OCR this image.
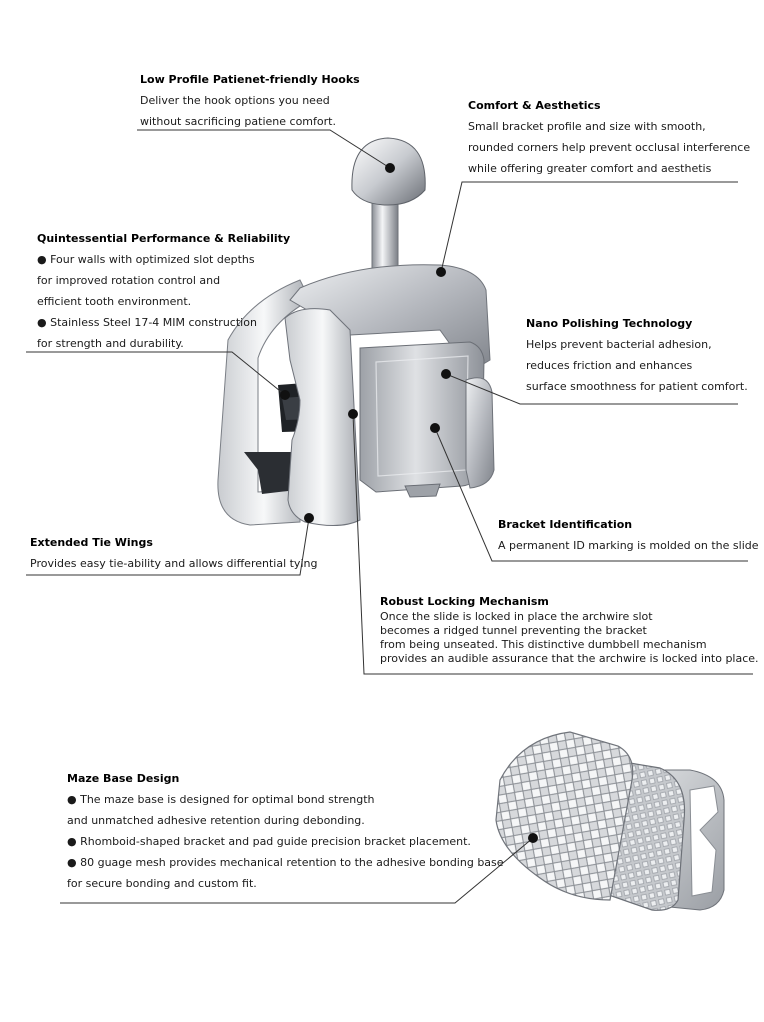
Low Profile Patienet-friendly Hooks
Deliver the hook options you need
without sacrificing patiene comfort.
Comfort & Aesthetics
Small bracket profile and size with smooth,
rounded corners help prevent occlusal interference
while offering greater comfort and aesthetis
Quintessential Performance & Reliability
● Four walls with optimized slot depths
for improved rotation control and
efficient tooth environment.
● Stainless Steel 17-4 MIM construction
for strength and durability.
Nano Polishing Technology
Helps prevent bacterial adhesion,
reduces friction and enhances
surface smoothness for patient comfort.
Bracket Identification
A permanent ID marking is molded on the slide
Extended Tie Wings
Provides easy tie-ability and allows differential tying
Robust Locking Mechanism
Once the slide is locked in place the archwire slot
becomes a ridged tunnel preventing the bracket
from being unseated. This distinctive dumbbell mechanism
provides an audible assurance that the archwire is locked into place.
Maze Base Design
● The maze base is designed for optimal bond strength
and unmatched adhesive retention during debonding.
● Rhomboid-shaped bracket and pad guide precision bracket placement.
● 80 guage mesh provides mechanical retention to the adhesive bonding base
for secure bonding and custom fit.
